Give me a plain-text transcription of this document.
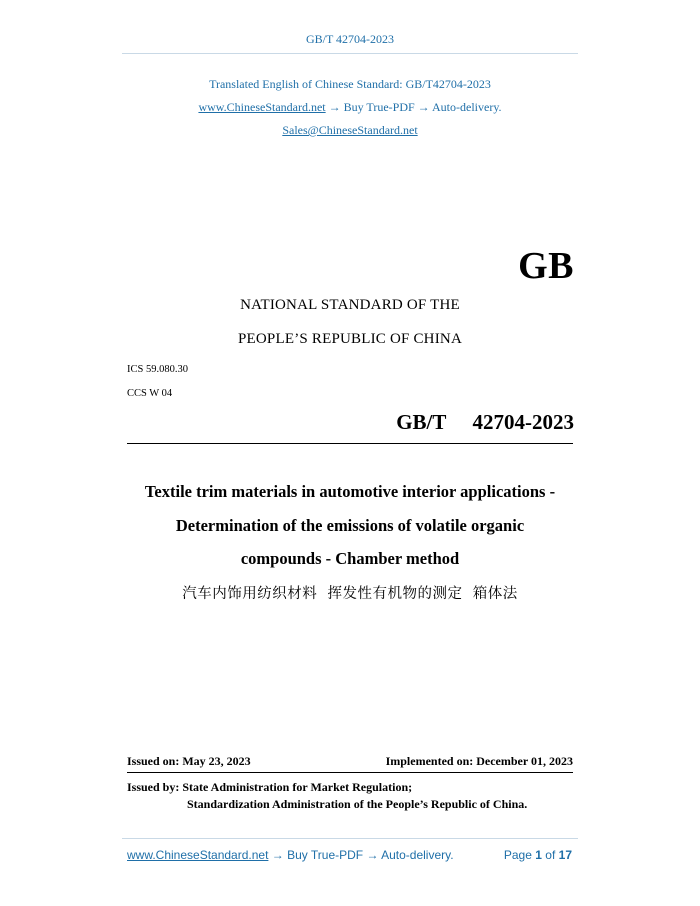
GB/T 42704-2023
Translated English of Chinese Standard: GB/T42704-2023
www.ChineseStandard.net → Buy True-PDF → Auto-delivery.
Sales@ChineseStandard.net
GB
NATIONAL STANDARD OF THE
PEOPLE’S REPUBLIC OF CHINA
ICS 59.080.30
CCS W 04
GB/T  42704-2023
Textile trim materials in automotive interior applications -
Determination of the emissions of volatile organic
compounds - Chamber method
汽车内饰用纺织材料  挥发性有机物的测定  箱体法
Issued on: May 23, 2023	Implemented on: December 01, 2023
Issued by: State Administration for Market Regulation;
Standardization Administration of the People’s Republic of China.
www.ChineseStandard.net → Buy True-PDF → Auto-delivery.	Page 1 of 17
